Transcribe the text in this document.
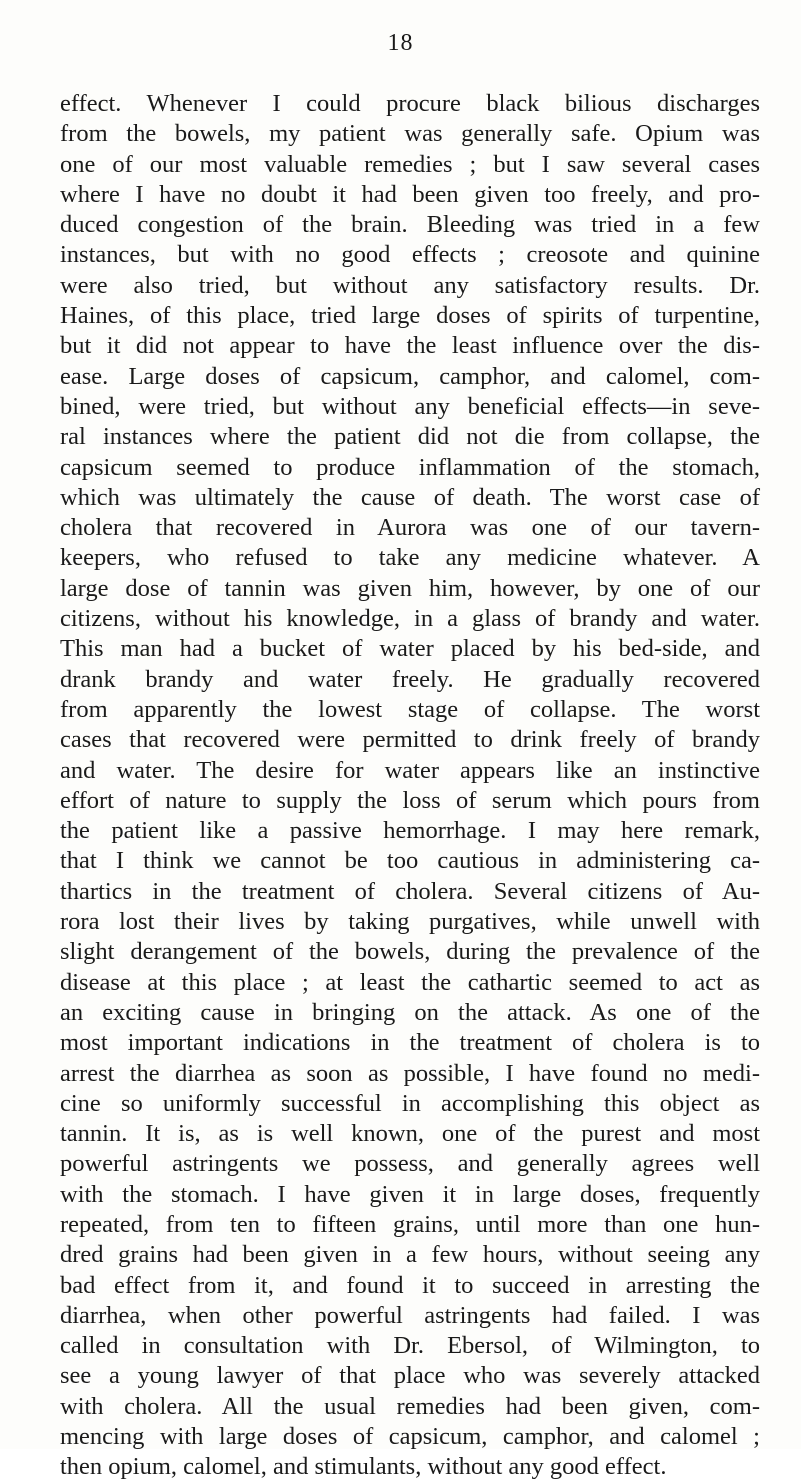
18
effect. Whenever I could procure black bilious discharges
from the bowels, my patient was generally safe. Opium was
one of our most valuable remedies ; but I saw several cases
where I have no doubt it had been given too freely, and pro-
duced congestion of the brain. Bleeding was tried in a few
instances, but with no good effects ; creosote and quinine
were also tried, but without any satisfactory results. Dr.
Haines, of this place, tried large doses of spirits of turpentine,
but it did not appear to have the least influence over the dis-
ease. Large doses of capsicum, camphor, and calomel, com-
bined, were tried, but without any beneficial effects—in seve-
ral instances where the patient did not die from collapse, the
capsicum seemed to produce inflammation of the stomach,
which was ultimately the cause of death. The worst case of
cholera that recovered in Aurora was one of our tavern-
keepers, who refused to take any medicine whatever. A
large dose of tannin was given him, however, by one of our
citizens, without his knowledge, in a glass of brandy and water.
This man had a bucket of water placed by his bed-side, and
drank brandy and water freely. He gradually recovered
from apparently the lowest stage of collapse. The worst
cases that recovered were permitted to drink freely of brandy
and water. The desire for water appears like an instinctive
effort of nature to supply the loss of serum which pours from
the patient like a passive hemorrhage. I may here remark,
that I think we cannot be too cautious in administering ca-
thartics in the treatment of cholera. Several citizens of Au-
rora lost their lives by taking purgatives, while unwell with
slight derangement of the bowels, during the prevalence of the
disease at this place ; at least the cathartic seemed to act as
an exciting cause in bringing on the attack. As one of the
most important indications in the treatment of cholera is to
arrest the diarrhea as soon as possible, I have found no medi-
cine so uniformly successful in accomplishing this object as
tannin. It is, as is well known, one of the purest and most
powerful astringents we possess, and generally agrees well
with the stomach. I have given it in large doses, frequently
repeated, from ten to fifteen grains, until more than one hun-
dred grains had been given in a few hours, without seeing any
bad effect from it, and found it to succeed in arresting the
diarrhea, when other powerful astringents had failed. I was
called in consultation with Dr. Ebersol, of Wilmington, to
see a young lawyer of that place who was severely attacked
with cholera. All the usual remedies had been given, com-
mencing with large doses of capsicum, camphor, and calomel ;
then opium, calomel, and stimulants, without any good effect.
